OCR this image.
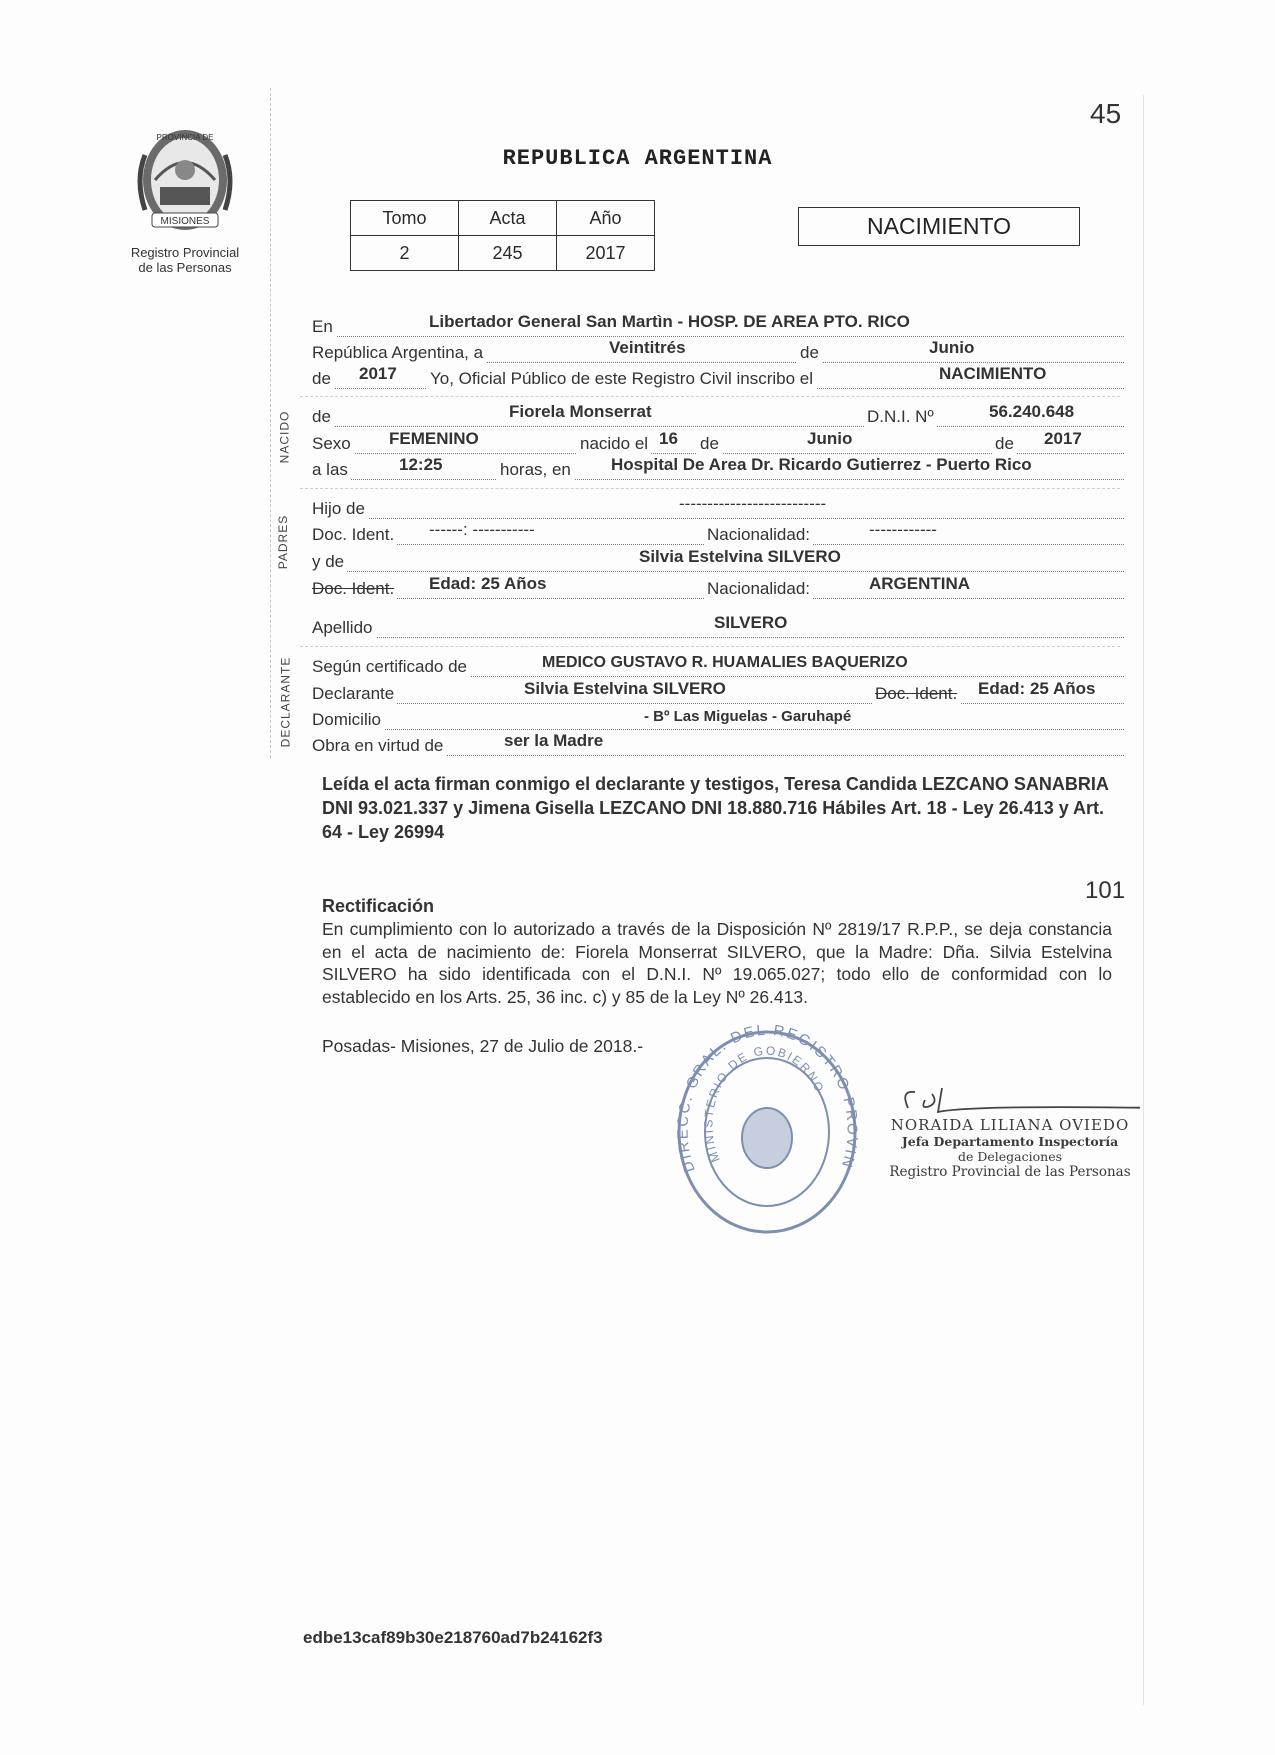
MISIONES
PROVINCIA DE
Registro Provincial
de las Personas
45
REPUBLICA ARGENTINA
Tomo	Acta	Año
2	245	2017
NACIMIENTO
En	Libertador General San Martìn - HOSP. DE AREA PTO. RICO
República Argentina, a	Veintitrés	de	Junio
de 2017 Yo, Oficial Público de este Registro Civil inscribo el	NACIMIENTO
NACIDO de	Fiorela Monserrat	D.N.I. Nº	56.240.648
Sexo FEMENINO	nacido el 16 de	Junio	de 2017
a las	12:25	horas, en Hospital De Area Dr. Ricardo Gutierrez - Puerto Rico
PADRES
Hijo de	--------------------------
Doc. Ident. ------: -----------	Nacionalidad:	------------
y de	Silvia Estelvina SILVERO
Doc. Ident. Edad: 25 Años	Nacionalidad:	ARGENTINA
Apellido	SILVERO
DECLARANTE Según certificado de	MEDICO GUSTAVO R. HUAMALIES BAQUERIZO
Declarante	Silvia Estelvina SILVERO	Doc. Ident. Edad: 25 Años
Domicilio	- Bº Las Miguelas - Garuhapé
Obra en virtud de	ser la Madre
Leída el acta firman conmigo el declarante y testigos, Teresa Candida LEZCANO SANABRIA DNI 93.021.337 y Jimena Gisella LEZCANO DNI 18.880.716 Hábiles Art. 18 - Ley 26.413 y Art. 64 - Ley 26994
101
Rectificación
En cumplimiento con lo autorizado a través de la Disposición Nº 2819/17 R.P.P., se deja constancia en el acta de nacimiento de: Fiorela Monserrat SILVERO, que la Madre: Dña. Silvia Estelvina SILVERO ha sido identificada con el D.N.I. Nº 19.065.027; todo ello de conformidad con lo establecido en los Arts. 25, 36 inc. c) y 85 de la Ley Nº 26.413.
Posadas- Misiones, 27 de Julio de 2018.-
DIRECC. GRAL. DEL REGISTRO PROVIN
MINISTERIO DE GOBIERNO
NORAIDA LILIANA OVIEDO
Jefa Departamento Inspectoría
de Delegaciones
Registro Provincial de las Personas
edbe13caf89b30e218760ad7b24162f3
